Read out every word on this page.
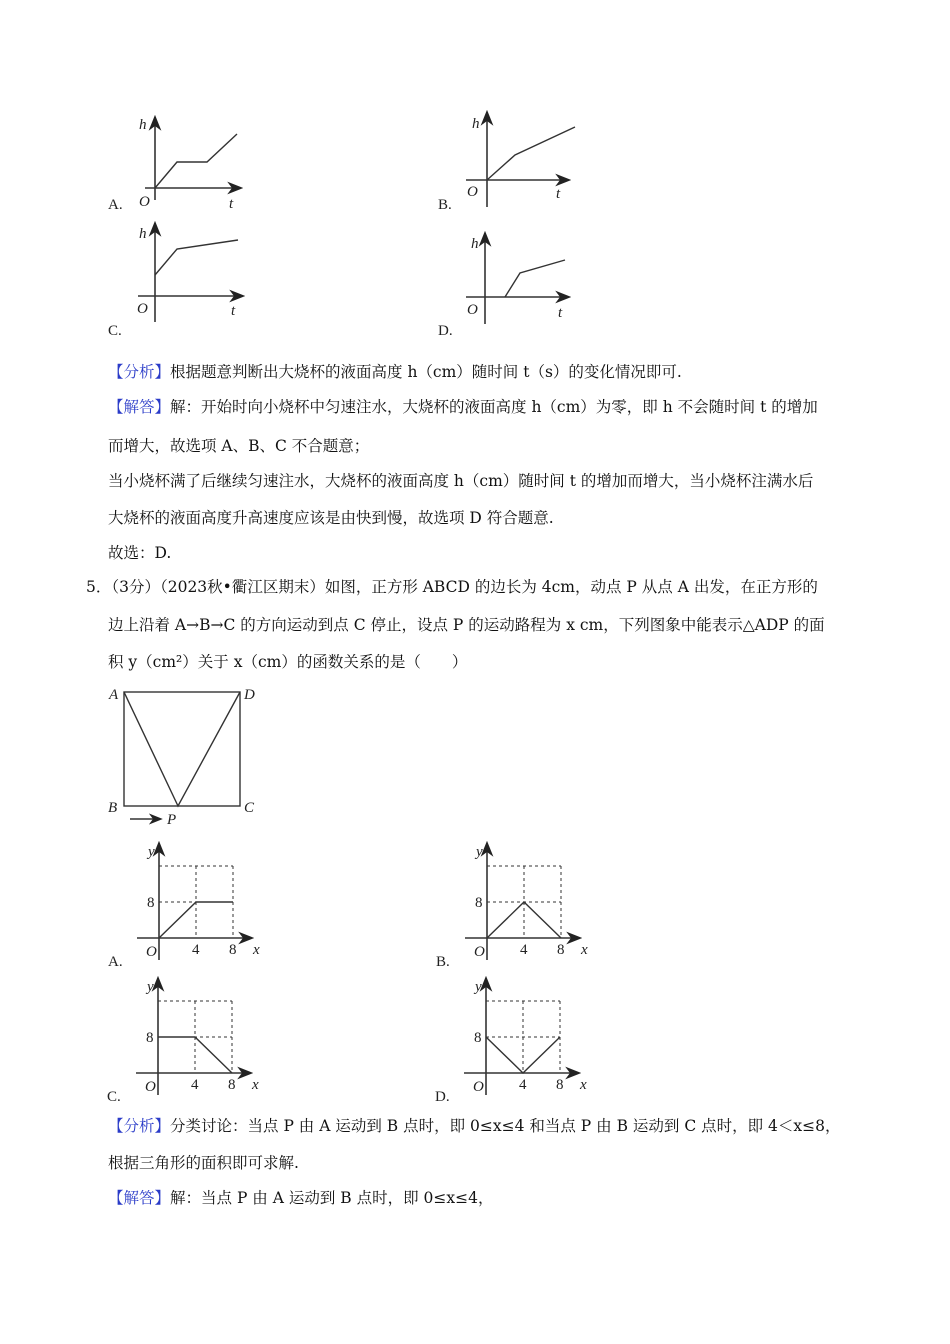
h
O	t
A.
h
O	t
B.
h
O	t
C.
h
O	t
D.
A	D
B	C
P
y
8
O 4 8 x
A.
y
8
O 4 8 x
B.
y
8
O 4 8 x
C.
y
8
O 4 8 x
D.
【分析】根据题意判断出大烧杯的液面高度 h（cm）随时间 t（s）的变化情况即可.
【解答】解：开始时向小烧杯中匀速注水，大烧杯的液面高度 h（cm）为零，即 h 不会随时间 t 的增加
而增大，故选项 A、B、C 不合题意；
当小烧杯满了后继续匀速注水，大烧杯的液面高度 h（cm）随时间 t 的增加而增大，当小烧杯注满水后
大烧杯的液面高度升高速度应该是由快到慢，故选项 D 符合题意.
故选：D.
5．（3分）（2023秋•衢江区期末）如图，正方形 ABCD 的边长为 4cm，动点 P 从点 A 出发，在正方形的
边上沿着 A→B→C 的方向运动到点 C 停止，设点 P 的运动路程为 x cm，下列图象中能表示△ADP 的面
积 y（cm²）关于 x（cm）的函数关系的是（　　）
【分析】分类讨论：当点 P 由 A 运动到 B 点时，即 0≤x≤4 和当点 P 由 B 运动到 C 点时，即 4＜x≤8，
根据三角形的面积即可求解.
【解答】解：当点 P 由 A 运动到 B 点时，即 0≤x≤4，
